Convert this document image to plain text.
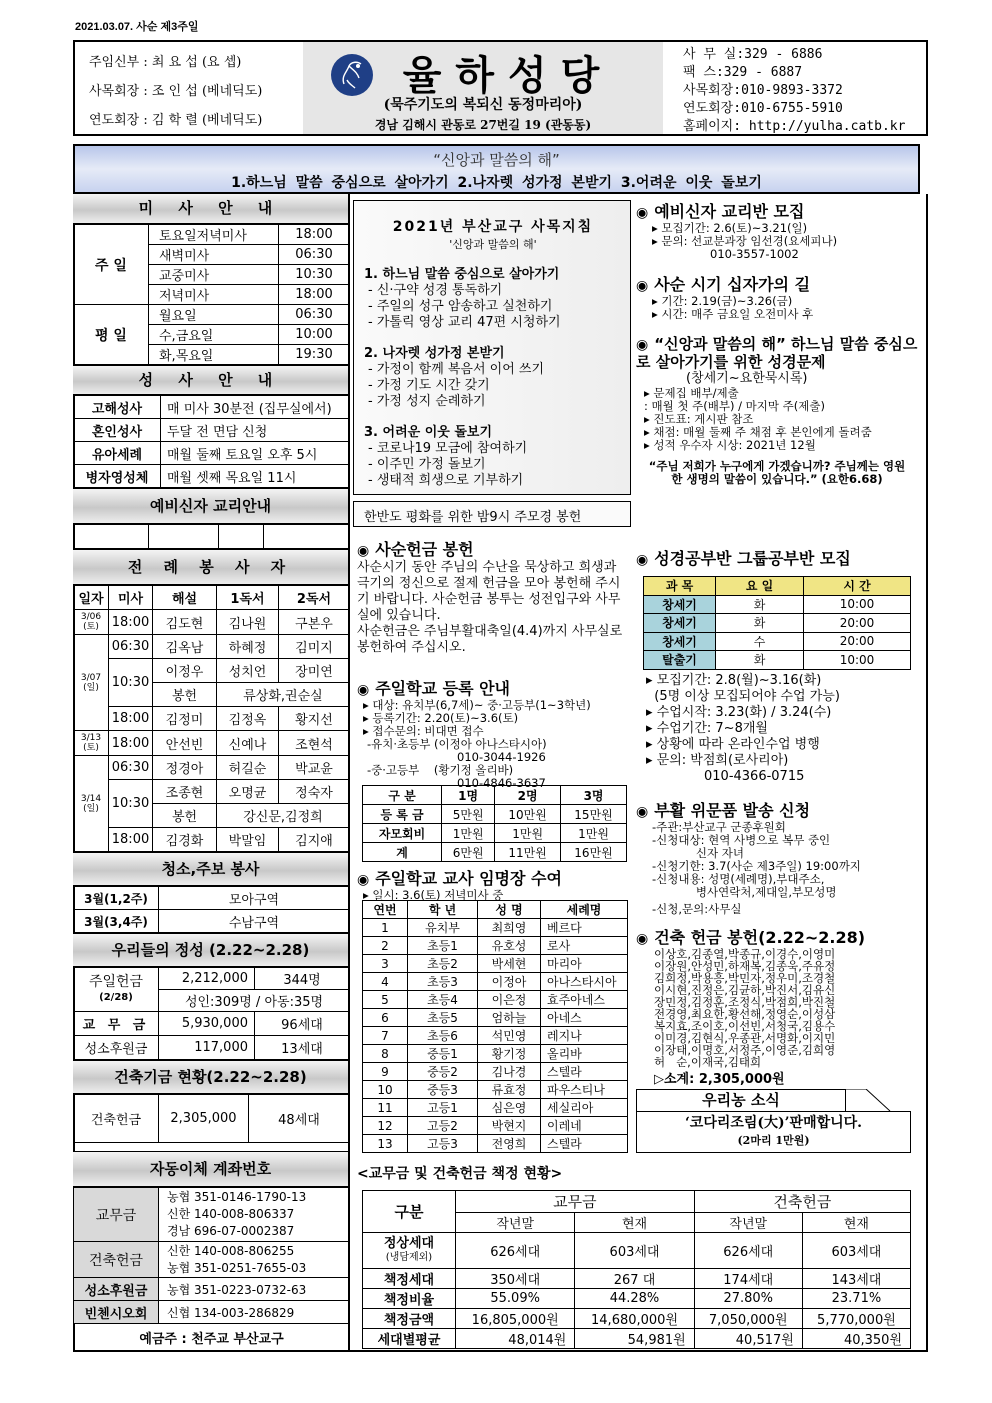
2021.03.07. 사순 제3주일
주임신부 : 최 요 섭 (요 셉)
사목회장 : 조 인 섭 (베네딕도)
연도회장 : 김 학 렬 (베네딕도)
율하성당
(묵주기도의 복되신 동정마리아)
경남 김해시 관동로 27번길 19 (관동동)
사 무 실:329 - 6886
팩 스:329 - 6887
사목회장:010-9893-3372
연도회장:010-6755-5910
홈페이지: http://yulha.catb.kr
“신앙과 말씀의 해”
1.하느님 말씀 중심으로 살아가기 2.나자렛 성가정 본받기 3.어려운 이웃 돌보기
미 사 안 내
주 일	토요일저녁미사	18:00
	새벽미사	06:30
	교중미사	10:30
	저녁미사	18:00
평 일	월요일	06:30
	수,금요일	10:00
	화,목요일	19:30
성 사 안 내
고해성사	매 미사 30분전 (집무실에서)
혼인성사	두달 전 면담 신청
유아세례	매월 둘째 토요일 오후 5시
병자영성체	매월 셋째 목요일 11시
예비신자 교리안내

전 례 봉 사 자
일자	미사	해설	1독서	2독서
3/06
(토)	18:00	김도현	김나원	구본우
3/07
(일)	06:30	김옥남	하혜정	김미지
	10:30	이정우	성치언	장미연
		봉헌	류상화,권순실	
	18:00	김정미	김정옥	황지선
3/13
(토)	18:00	안선빈	신예나	조현석
3/14
(일)	06:30	정경아	허길순	박교윤
	10:30	조종현	오명균	정숙자
		봉헌	강신문,김정희	
	18:00	김경화	박말임	김지애
청소,주보 봉사
3월(1,2주)	모아구역
3월(3,4주)	수남구역
우리들의 정성 (2.22~2.28)
주일헌금
(2/28)	2,212,000	344명
	성인:309명 / 아동:35명	
교 무 금	5,930,000	96세대
성소후원금	117,000	13세대
건축기금 현황(2.22~2.28)
건축헌금	2,305,000	48세대
자동이체 계좌번호
교무금	농협 351-0146-1790-13
신한 140-008-806337
경남 696-07-0002387

건축헌금	신한 140-008-806255
농협 351-0251-7655-03

성소후원금	농협 351-0223-0732-63
빈첸시오회	신협 134-003-286829
예금주 : 천주교 부산교구	
2021년 부산교구 사목지침
'신앙과 말씀의 해'
1. 하느님 말씀 중심으로 살아가기
- 신·구약 성경 통독하기
- 주일의 성구 암송하고 실천하기
- 가톨릭 영상 교리 47편 시청하기
2. 나자렛 성가정 본받기
- 가정이 함께 복음서 이어 쓰기
- 가정 기도 시간 갖기
- 가정 성지 순례하기
3. 어려운 이웃 돌보기
- 코로나19 모금에 참여하기
- 이주민 가정 돌보기
- 생태적 희생으로 기부하기
한반도 평화를 위한 밤9시 주모경 봉헌
◉ 사순헌금 봉헌
사순시기 동안 주님의 수난을 묵상하고 희생과 극기의 정신으로 절제 헌금을 모아 봉헌해 주시기 바랍니다. 사순헌금 봉투는 성전입구와 사무실에 있습니다.
사순헌금은 주님부활대축일(4.4)까지 사무실로 봉헌하여 주십시오.
◉ 주일학교 등록 안내
▸ 대상: 유치부(6,7세)~ 중·고등부(1~3학년)
▸ 등록기간: 2.20(토)~3.6(토)
▸ 접수문의: 비대면 접수
-유치·초등부 (이정아 아나스타시아)
010-3044-1926
-중·고등부 (황기정 올리바)
010-4846-3637
구 분	1명	2명	3명
등 록 금	5만원	10만원	15만원
자모회비	1만원	1만원	1만원
계	6만원	11만원	16만원
◉ 주일학교 교사 임명장 수여
▸ 일시: 3.6(토) 저녁미사 중
연번	학 년	성 명	세례명
1	유치부	최희영	베르다
2	초등1	유호성	로사
3	초등2	박세현	마리아
4	초등3	이정아	아나스타시아
5	초등4	이은정	효주아네스
6	초등5	엄하늘	아네스
7	초등6	석민영	레지나
8	중등1	황기정	올리바
9	중등2	김나경	스텔라
10	중등3	류효정	파우스티나
11	고등1	심은영	세실리아
12	고등2	박현지	이레네
13	고등3	전영희	스텔라
<교무금 및 건축헌금 책정 현황>
구분	교무금		건축헌금	
	작년말	현재	작년말	현재
정상세대
(냉담제외)	626세대	603세대	626세대	603세대
책정세대	350세대	267 대	174세대	143세대
책정비율	55.09%	44.28%	27.80%	23.71%
책정금액	16,805,000원	14,680,000원	7,050,000원	5,770,000원
세대별평균	48,014원	54,981원	40,517원	40,350원
◉ 예비신자 교리반 모집
▸ 모집기간: 2.6(토)~3.21(일)
▸ 문의: 선교분과장 임선경(요세피나)
010-3557-1002
◉ 사순 시기 십자가의 길
▸ 기간: 2.19(금)~3.26(금)
▸ 시간: 매주 금요일 오전미사 후
◉ “신앙과 말씀의 해” 하느님 말씀 중심으로 살아가기를 위한 성경문제
(창세기~요한묵시록)
▸ 문제집 배부/제출
: 매월 첫 주(배부) / 마지막 주(제출)
▸ 진도표: 게시판 참조
▸ 채점: 매월 둘째 주 채점 후 본인에게 돌려줌
▸ 성적 우수자 시상: 2021년 12월
“주님 저희가 누구에게 가겠습니까? 주님께는 영원한 생명의 말씀이 있습니다.” (요한6.68)
◉ 성경공부반 그룹공부반 모집
과 목	요 일	시 간
창세기	화	10:00
창세기	화	20:00
창세기	수	20:00
탈출기	화	10:00
▸ 모집기간: 2.8(월)~3.16(화)
(5명 이상 모집되어야 수업 가능)
▸ 수업시작: 3.23(화) / 3.24(수)
▸ 수업기간: 7~8개월
▸ 상황에 따라 온라인수업 병행
▸ 문의: 박점희(로사리아)
010-4366-0715
◉ 부활 위문품 발송 신청
-주관:부산교구 군종후원회
-신청대상: 현역 사병으로 복무 중인
신자 자녀
-신청기한: 3.7(사순 제3주일) 19:00까지
-신청내용: 성명(세례명),부대주소,
병사연락처,제대일,부모성명
-신청,문의:사무실
◉ 건축 헌금 봉헌(2.22~2.28)
이상호,김종열,박종규,이경수,이영미
이장원,안성민,하재복,김종욱,주유정
김희정,박용흥,박민자,정우미,조경철
이시현,진정은,김균하,박진서,김유신
장민정,김정훈,조정식,박점희,박진철
전경영,최요한,황선해,정영순,이성삼
복지효,조이호,이선빈,서청국,김용수
이미경,김현식,우종관,서명화,이지민
이장태,이명호,서정주,이영준,김희영
허   순,이재국,김태희
▷소계: 2,305,000원
우리농 소식
‘코다리조림(大)’판매합니다.
(2마리 1만원)
